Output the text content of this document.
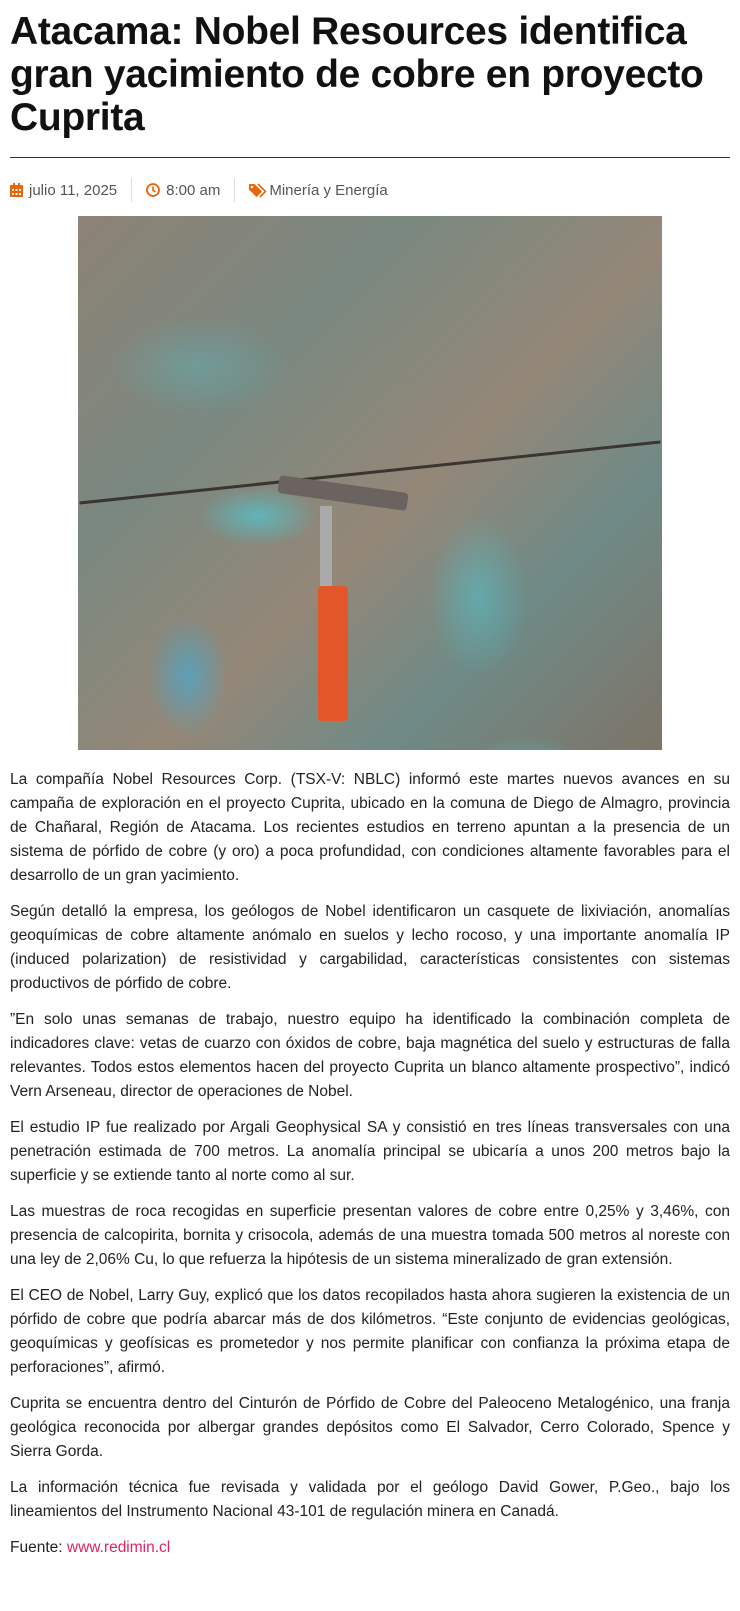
Atacama: Nobel Resources identifica gran yacimiento de cobre en proyecto Cuprita
julio 11, 2025	8:00 am	Minería y Energía

La compañía Nobel Resources Corp. (TSX-V: NBLC) informó este martes nuevos avances en su campaña de exploración en el proyecto Cuprita, ubicado en la comuna de Diego de Almagro, provincia de Chañaral, Región de Atacama. Los recientes estudios en terreno apuntan a la presencia de un sistema de pórfido de cobre (y oro) a poca profundidad, con condiciones altamente favorables para el desarrollo de un gran yacimiento.

Según detalló la empresa, los geólogos de Nobel identificaron un casquete de lixiviación, anomalías geoquímicas de cobre altamente anómalo en suelos y lecho rocoso, y una importante anomalía IP (induced polarization) de resistividad y cargabilidad, características consistentes con sistemas productivos de pórfido de cobre.

”En solo unas semanas de trabajo, nuestro equipo ha identificado la combinación completa de indicadores clave: vetas de cuarzo con óxidos de cobre, baja magnética del suelo y estructuras de falla relevantes. Todos estos elementos hacen del proyecto Cuprita un blanco altamente prospectivo”, indicó Vern Arseneau, director de operaciones de Nobel.

El estudio IP fue realizado por Argali Geophysical SA y consistió en tres líneas transversales con una penetración estimada de 700 metros. La anomalía principal se ubicaría a unos 200 metros bajo la superficie y se extiende tanto al norte como al sur.

Las muestras de roca recogidas en superficie presentan valores de cobre entre 0,25% y 3,46%, con presencia de calcopirita, bornita y crisocola, además de una muestra tomada 500 metros al noreste con una ley de 2,06% Cu, lo que refuerza la hipótesis de un sistema mineralizado de gran extensión.

El CEO de Nobel, Larry Guy, explicó que los datos recopilados hasta ahora sugieren la existencia de un pórfido de cobre que podría abarcar más de dos kilómetros. “Este conjunto de evidencias geológicas, geoquímicas y geofísicas es prometedor y nos permite planificar con confianza la próxima etapa de perforaciones”, afirmó.

Cuprita se encuentra dentro del Cinturón de Pórfido de Cobre del Paleoceno Metalogénico, una franja geológica reconocida por albergar grandes depósitos como El Salvador, Cerro Colorado, Spence y Sierra Gorda.

La información técnica fue revisada y validada por el geólogo David Gower, P.Geo., bajo los lineamientos del Instrumento Nacional 43-101 de regulación minera en Canadá.

Fuente: www.redimin.cl
